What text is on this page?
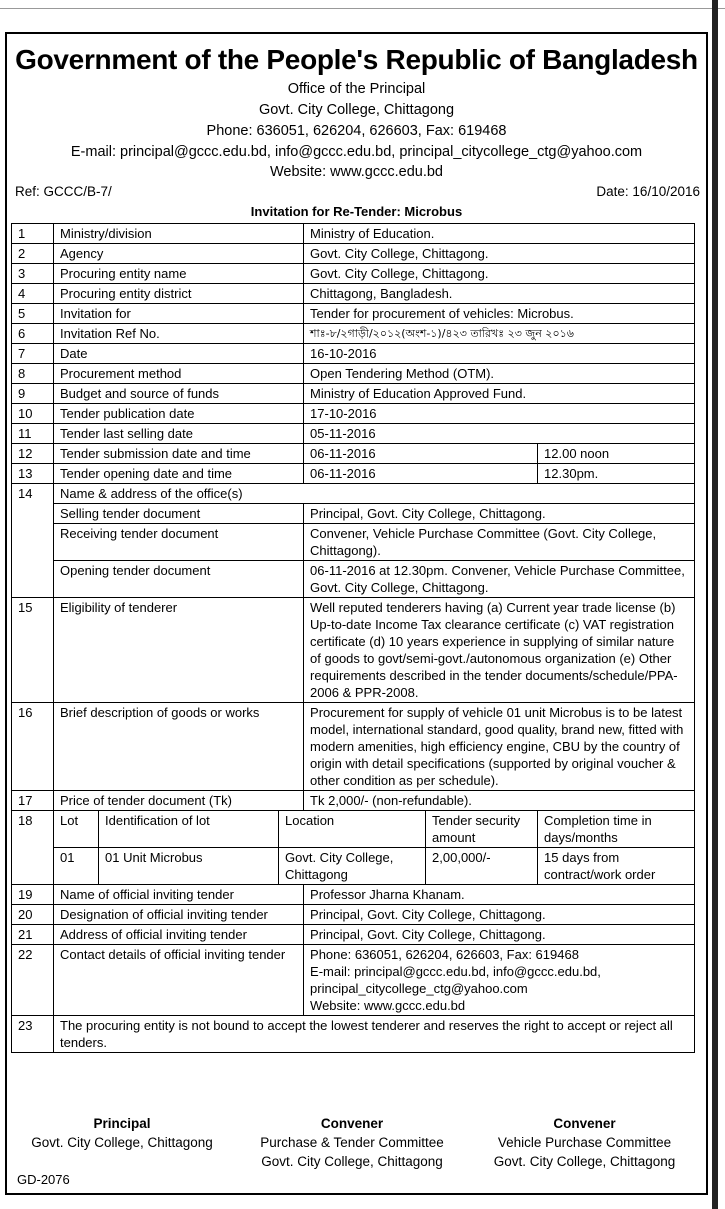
Government of the People's Republic of Bangladesh
Office of the Principal
Govt. City College, Chittagong
Phone: 636051, 626204, 626603, Fax: 619468
E-mail: principal@gccc.edu.bd, info@gccc.edu.bd, principal_citycollege_ctg@yahoo.com
Website: www.gccc.edu.bd
Ref: GCCC/B-7/	Date: 16/10/2016
Invitation for Re-Tender: Microbus
1	Ministry/division			Ministry of Education.		
2	Agency			Govt. City College, Chittagong.		
3	Procuring entity name			Govt. City College, Chittagong.		
4	Procuring entity district			Chittagong, Bangladesh.		
5	Invitation for			Tender for procurement of vehicles: Microbus.		
6	Invitation Ref No.			শাঃ-৮/২গাড়ী/২০১২(অংশ-১)/৪২৩ তারিখঃ ২৩ জুন ২০১৬		
7	Date			16-10-2016		
8	Procurement method			Open Tendering Method (OTM).		
9	Budget and source of funds			Ministry of Education Approved Fund.		
10	Tender publication date			17-10-2016		
11	Tender last selling date			05-11-2016		
12	Tender submission date and time			06-11-2016		12.00 noon
13	Tender opening date and time			06-11-2016		12.30pm.
14	Name & address of the office(s)					
	Selling tender document			Principal, Govt. City College, Chittagong.		
	Receiving tender document			Convener, Vehicle Purchase Committee (Govt. City College, Chittagong).		
	Opening tender document			06-11-2016 at 12.30pm. Convener, Vehicle Purchase Committee, Govt. City College, Chittagong.		
15	Eligibility of tenderer			Well reputed tenderers having (a) Current year trade license (b) Up-to-date Income Tax clearance certificate (c) VAT registration certificate (d) 10 years experience in supplying of similar nature of goods to govt/semi-govt./autonomous organization (e) Other requirements described in the tender documents/schedule/PPA-2006 & PPR-2008.		
16	Brief description of goods or works			Procurement for supply of vehicle 01 unit Microbus is to be latest model, international standard, good quality, brand new, fitted with modern amenities, high efficiency engine, CBU by the country of origin with detail specifications (supported by original voucher & other condition as per schedule).		
17	Price of tender document (Tk)			Tk 2,000/- (non-refundable).		
18	Lot	Identification of lot	Location		Tender security amount	Completion time in days/months
	01	01 Unit Microbus	Govt. City College, Chittagong		2,00,000/-	15 days from contract/work order
19	Name of official inviting tender			Professor Jharna Khanam.		
20	Designation of official inviting tender			Principal, Govt. City College, Chittagong.		
21	Address of official inviting tender			Principal, Govt. City College, Chittagong.		
22	Contact details of official inviting tender			Phone: 636051, 626204, 626603, Fax: 619468
E-mail: principal@gccc.edu.bd, info@gccc.edu.bd, principal_citycollege_ctg@yahoo.com
Website: www.gccc.edu.bd		

23	The procuring entity is not bound to accept the lowest tenderer and reserves the right to accept or reject all tenders.					
Principal
Govt. City College, Chittagong
Convener
Purchase & Tender Committee
Govt. City College, Chittagong
Convener
Vehicle Purchase Committee
Govt. City College, Chittagong
GD-2076
